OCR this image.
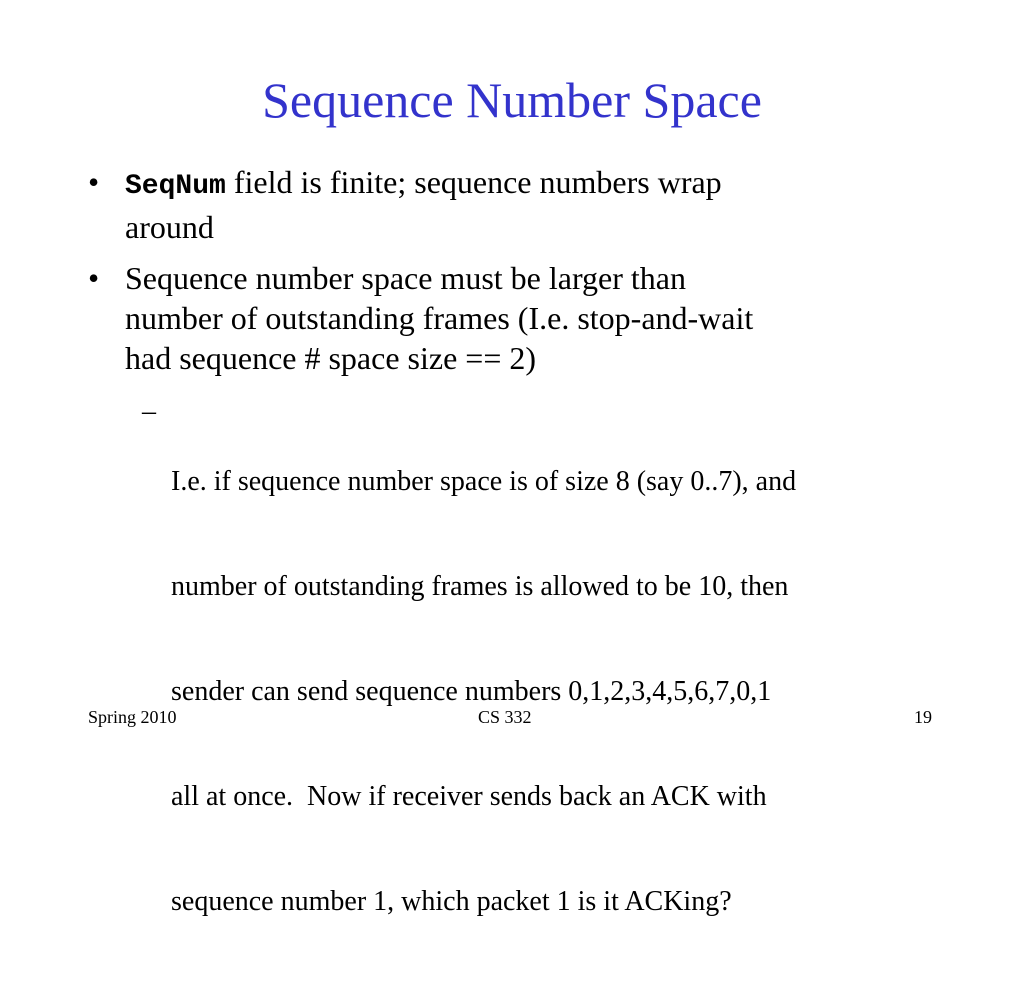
Sequence Number Space
• SeqNum field is finite; sequence numbers wrap
around
• Sequence number space must be larger than
number of outstanding frames (I.e. stop-and-wait
had sequence # space size == 2)
–

I.e. if sequence number space is of size 8 (say 0..7), and

number of outstanding frames is allowed to be 10, then

sender can send sequence numbers 0,1,2,3,4,5,6,7,0,1

all at once.  Now if receiver sends back an ACK with

sequence number 1, which packet 1 is it ACKing?

Spring 2010	CS 332	19
